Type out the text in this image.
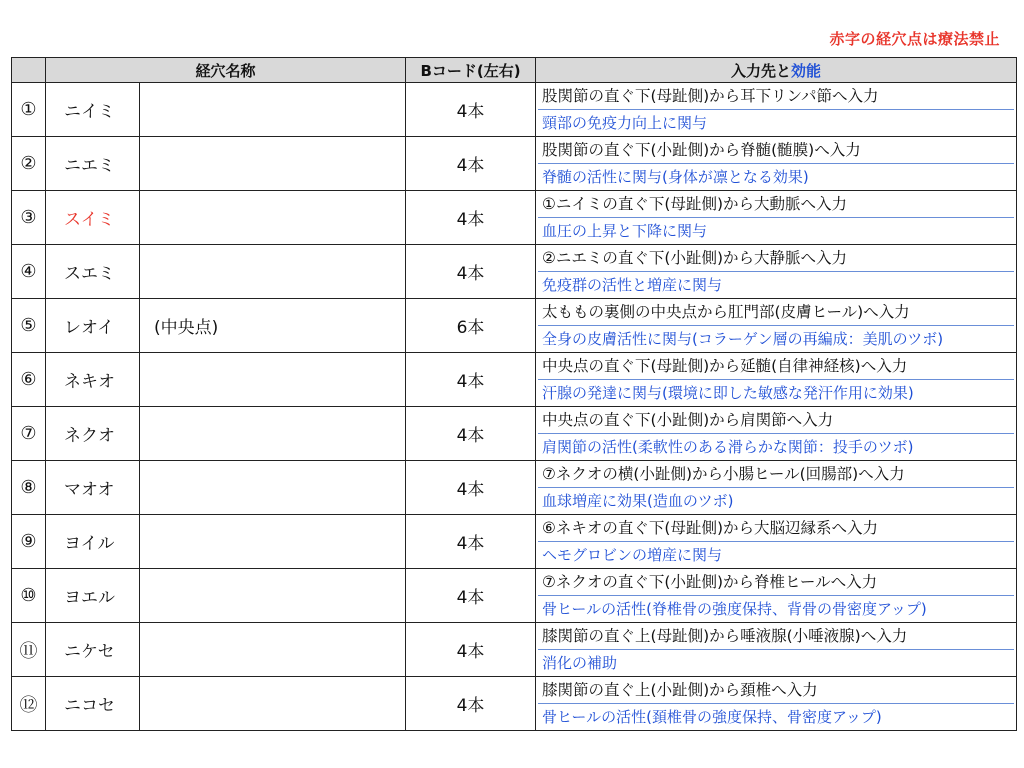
赤字の経穴点は療法禁止
	経穴名称		Bコード(左右)	入力先と効能
①	ニイミ		4本	股関節の直ぐ下(母趾側)から耳下リンパ節へ入力
頸部の免疫力向上に関与

②	ニエミ		4本	股関節の直ぐ下(小趾側)から脊髄(髄膜)へ入力
脊髄の活性に関与(身体が凛となる効果)

③	スイミ		4本	①ニイミの直ぐ下(母趾側)から大動脈へ入力
血圧の上昇と下降に関与

④	スエミ		4本	②ニエミの直ぐ下(小趾側)から大静脈へ入力
免疫群の活性と増産に関与

⑤	レオイ	(中央点)	6本	太ももの裏側の中央点から肛門部(皮膚ヒール)へ入力
全身の皮膚活性に関与(コラーゲン層の再編成：美肌のツボ)

⑥	ネキオ		4本	中央点の直ぐ下(母趾側)から延髄(自律神経核)へ入力
汗腺の発達に関与(環境に即した敏感な発汗作用に効果)

⑦	ネクオ		4本	中央点の直ぐ下(小趾側)から肩関節へ入力
肩関節の活性(柔軟性のある滑らかな関節：投手のツボ)

⑧	マオオ		4本	⑦ネクオの横(小趾側)から小腸ヒール(回腸部)へ入力
血球増産に効果(造血のツボ)

⑨	ヨイル		4本	⑥ネキオの直ぐ下(母趾側)から大脳辺縁系へ入力
ヘモグロビンの増産に関与

⑩	ヨエル		4本	⑦ネクオの直ぐ下(小趾側)から脊椎ヒールへ入力
骨ヒールの活性(脊椎骨の強度保持、背骨の骨密度アップ)

⑪	ニケセ		4本	膝関節の直ぐ上(母趾側)から唾液腺(小唾液腺)へ入力
消化の補助

⑫	ニコセ		4本	膝関節の直ぐ上(小趾側)から頚椎へ入力
骨ヒールの活性(頚椎骨の強度保持、骨密度アップ)
